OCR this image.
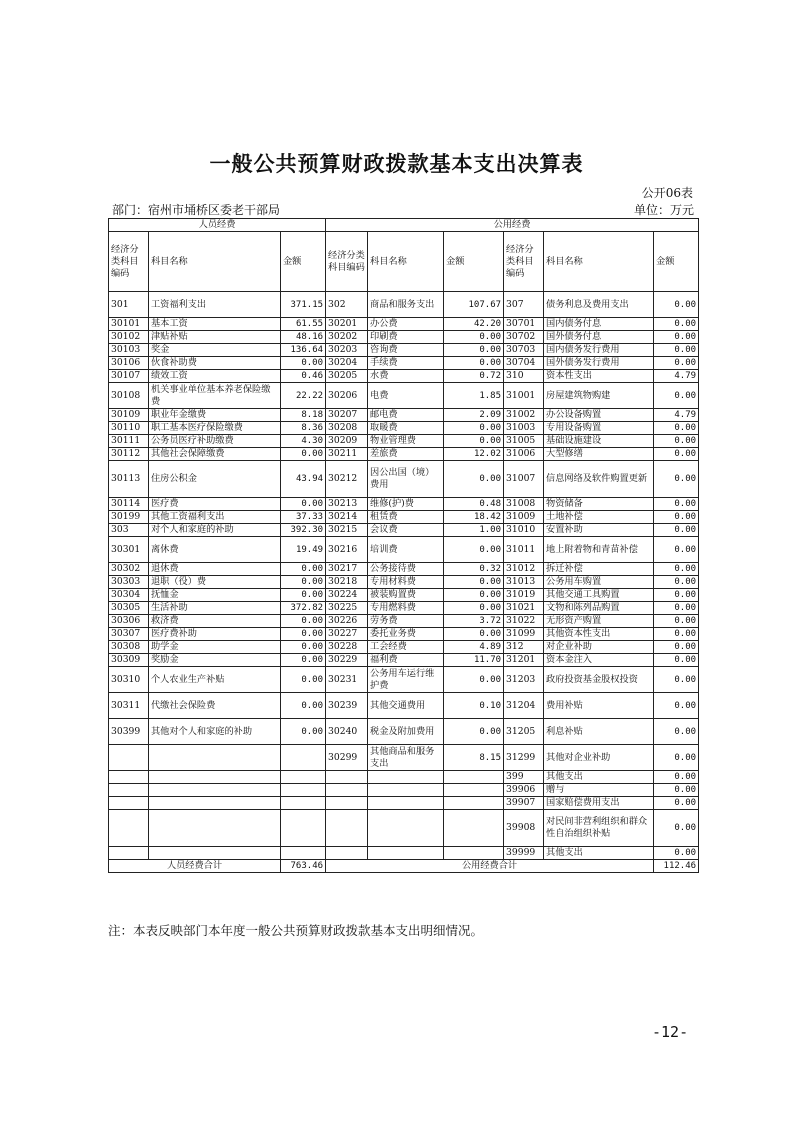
一般公共预算财政拨款基本支出决算表
公开06表
部门：宿州市埇桥区委老干部局	单位：万元
人员经费			公用经费					
经济分类科目编码	科目名称	金额	经济分类科目编码	科目名称	金额	经济分类科目编码	科目名称	金额
301	工资福利支出	371.15	302	商品和服务支出	107.67	307	债务利息及费用支出	0.00
30101	基本工资	61.55	30201	办公费	42.20	30701	国内债务付息	0.00
30102	津贴补贴	48.16	30202	印刷费	0.00	30702	国外债务付息	0.00
30103	奖金	136.64	30203	咨询费	0.00	30703	国内债务发行费用	0.00
30106	伙食补助费	0.00	30204	手续费	0.00	30704	国外债务发行费用	0.00
30107	绩效工资	0.46	30205	水费	0.72	310	资本性支出	4.79
30108	机关事业单位基本养老保险缴费	22.22	30206	电费	1.85	31001	房屋建筑物购建	0.00
30109	职业年金缴费	8.18	30207	邮电费	2.09	31002	办公设备购置	4.79
30110	职工基本医疗保险缴费	8.36	30208	取暖费	0.00	31003	专用设备购置	0.00
30111	公务员医疗补助缴费	4.30	30209	物业管理费	0.00	31005	基础设施建设	0.00
30112	其他社会保障缴费	0.00	30211	差旅费	12.02	31006	大型修缮	0.00
30113	住房公积金	43.94	30212	因公出国（境）费用	0.00	31007	信息网络及软件购置更新	0.00
30114	医疗费	0.00	30213	维修(护)费	0.48	31008	物资储备	0.00
30199	其他工资福利支出	37.33	30214	租赁费	18.42	31009	土地补偿	0.00
303	对个人和家庭的补助	392.30	30215	会议费	1.00	31010	安置补助	0.00
30301	离休费	19.49	30216	培训费	0.00	31011	地上附着物和青苗补偿	0.00
30302	退休费	0.00	30217	公务接待费	0.32	31012	拆迁补偿	0.00
30303	退职（役）费	0.00	30218	专用材料费	0.00	31013	公务用车购置	0.00
30304	抚恤金	0.00	30224	被装购置费	0.00	31019	其他交通工具购置	0.00
30305	生活补助	372.82	30225	专用燃料费	0.00	31021	文物和陈列品购置	0.00
30306	救济费	0.00	30226	劳务费	3.72	31022	无形资产购置	0.00
30307	医疗费补助	0.00	30227	委托业务费	0.00	31099	其他资本性支出	0.00
30308	助学金	0.00	30228	工会经费	4.89	312	对企业补助	0.00
30309	奖励金	0.00	30229	福利费	11.70	31201	资本金注入	0.00
30310	个人农业生产补贴	0.00	30231	公务用车运行维护费	0.00	31203	政府投资基金股权投资	0.00
30311	代缴社会保险费	0.00	30239	其他交通费用	0.10	31204	费用补贴	0.00
30399	其他对个人和家庭的补助	0.00	30240	税金及附加费用	0.00	31205	利息补贴	0.00
			30299	其他商品和服务支出	8.15	31299	其他对企业补助	0.00
						399	其他支出	0.00
						39906	赠与	0.00
						39907	国家赔偿费用支出	0.00
						39908	对民间非营利组织和群众性自治组织补贴	0.00
						39999	其他支出	0.00
人员经费合计		763.46	公用经费合计					112.46
注：本表反映部门本年度一般公共预算财政拨款基本支出明细情况。
-12-
